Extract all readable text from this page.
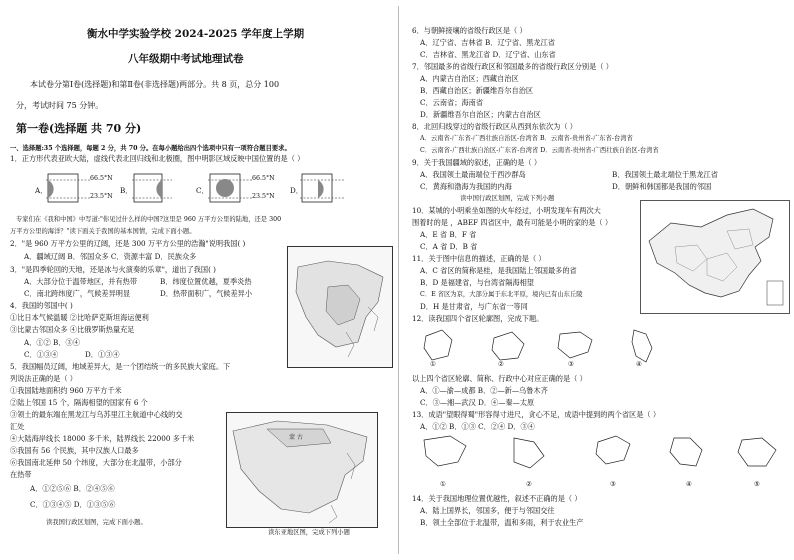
衡水中学实验学校 2024-2025 学年度上学期
八年级期中考试地理试卷
本试卷分第Ⅰ卷(选择题)和第Ⅱ卷(非选择题)两部分。共 8 页，总分 100
分，考试时间 75 分钟。
第一卷(选择题 共 70 分)
一、选择题:35 个选择题，每题 2 分，共 70 分。在每小题给出四个选项中只有一项符合题目要求。
1．正方形代表亚欧大陆，虚线代表北回归线和北极圈，图中明影区域反映中国位置的是（ ）
A．
66.5°N
23.5°N
B．	C．
66.5°N
23.5°N
D．
专家们在《我和中国》中写道:"你见过什么样的中国?这里是 960 万平方公里的陆地，还是 300
万平方公里的海洋？"读下面关于我国的基本国情，完成下面小题。
2．"是 960 万平方公里的辽阔，还是 300 万平方公里的浩瀚"说明我国( )
A．疆域辽阔 B．邻国众多 C．资源丰富 D．民族众多
3．"是四季轮回的天地，还是冰与火演奏的乐章"，道出了我国( )
A．大部分位于温带地区，并有热带	B．纬度位置优越，夏季炎热
C．南北跨纬度广，气候差异明显	D．热带面积广，气候差异小
4．我国的邻国中( )
①比日本气候温暖 ②比哈萨克斯坦海运便利
③比蒙古邻国众多 ④比俄罗斯热量充足
A．①② B．③④
C．①③④	D．①③④
5．我国幅员辽阔，地域差异大，是一个团结统一的多民族大家庭。下
列说法正确的是（ ）
①我国陆地面积约 960 万平方千米
②陆上邻国 15 个，隔海相望的国家有 6 个
③领土的最东端在黑龙江与乌苏里江主航道中心线的交
汇处
④大陆海岸线长 18000 多千米，陆界线长 22000 多千米
⑤我国有 56 个民族，其中汉族人口最多
⑥我国南北延伸 50 个纬度，大部分在北温带，小部分
在热带
A．①②⑤⑥ B．②④⑤⑥
C．①③④⑤ D．①③⑤⑥
读我国行政区划图，完成下面小题。
蒙 古
读东亚地区图，完成下列小题
6．与朝鲜接壤的省级行政区是（ ）
A．辽宁省、吉林省 B．辽宁省、黑龙江省
C．吉林省、黑龙江省 D．辽宁省、山东省
7．邻国最多的省级行政区和邻国最多的省级行政区分别是（ ）
A．内蒙古自治区；西藏自治区
B．西藏自治区；新疆维吾尔自治区
C．云南省；海南省
D．新疆维吾尔自治区；内蒙古自治区
8．北回归线穿过的省级行政区从西到东依次为（ ）
A．云南省-广东省-广西壮族自治区-台湾省 B．云南省-贵州省-广东省-台湾省
C．云南省-广西壮族自治区-广东省-台湾省 D．云南省-贵州省-广西壮族自治区-台湾省
9．关于我国疆域的叙述，正确的是（ ）
A．我国领土最南端位于西沙群岛	B．我国领土最北端位于黑龙江省
C．黄海和渤海为我国的内海	D．朝鲜和韩国都是我国的邻国
读中国行政区划图，完成下列小题
10．某城的小明乘坐如图的火车经过，小明发现车有两次大
围着时的是 ，ABEF 四省区中，最有可能是小明的家的是（ ）
A．E 省 B．F 省
C．A 省 D．B 省
11．关于图中信息的描述，正确的是（ ）
A．C 省区的简称是桂，是我国陆上邻国最多的省
B．D 是福建省，与台湾省隔海相望
C．E 省区为京，大部分属于东北平原，境内已有山东丘陵
D．H 是甘肃省，与广东省一等同
12．读我国四个省区轮廓图，完成下题。
①	②	③	④
以上四个省区轮廓、简称、行政中心对应正确的是（ ）
A．①—渝—成都 B．②—新—乌鲁木齐
C．③—湘—武汉 D．④—秦—太原
13．成语"望眼得蜀"形容得寸进尺，贪心不足，成语中提到的两个省区是（ ）
A．①② B．①③ C．②④ D．③④
①	②	③	④	⑤
14．关于我国地理位置优越性，叙述不正确的是（ ）
A．陆上国界长，邻国多，便于与邻国交往
B．领土全部位于北温带，温和多雨，利于农业生产
